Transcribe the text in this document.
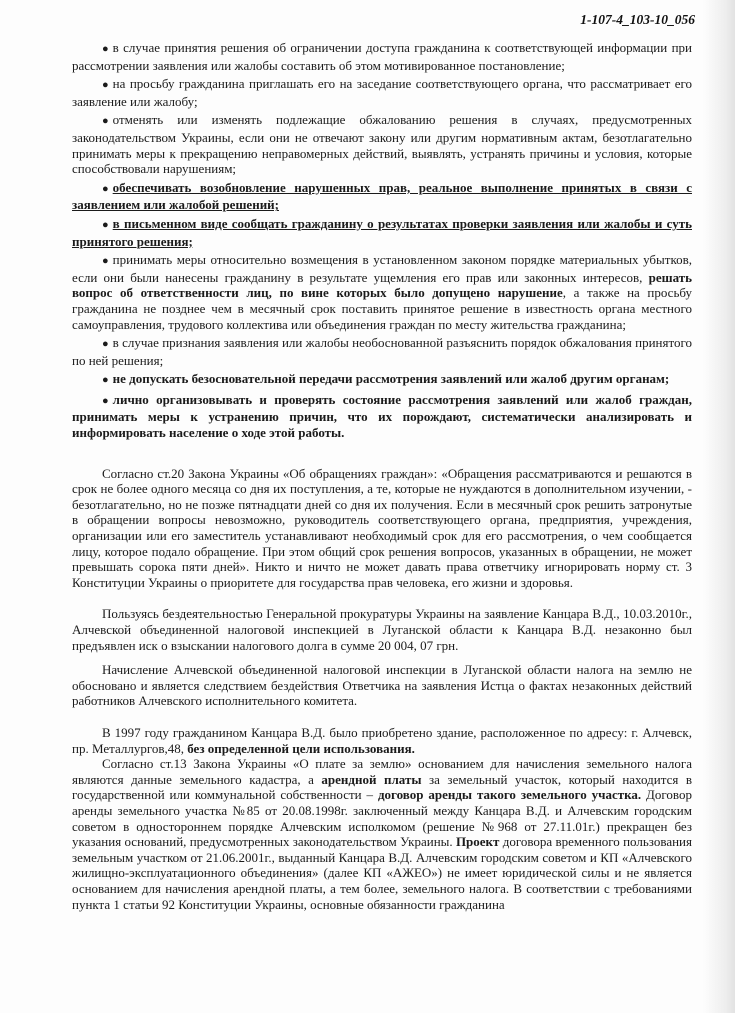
1-107-4_103-10_056

● в случае принятия решения об ограничении доступа гражданина к соответствующей информации при рассмотрении заявления или жалобы составить об этом мотивированное постановление;

● на просьбу гражданина приглашать его на заседание соответствующего органа, что рассматривает его заявление или жалобу;

● отменять или изменять подлежащие обжалованию решения в случаях, предусмотренных законодательством Украины, если они не отвечают закону или другим нормативным актам, безотлагательно принимать меры к прекращению неправомерных действий, выявлять, устранять причины и условия, которые способствовали нарушениям;

● обеспечивать возобновление нарушенных прав, реальное выполнение принятых в связи с заявлением или жалобой решений;

● в письменном виде сообщать гражданину о результатах проверки заявления или жалобы и суть принятого решения;

● принимать меры относительно возмещения в установленном законом порядке материальных убытков, если они были нанесены гражданину в результате ущемления его прав или законных интересов, решать вопрос об ответственности лиц, по вине которых было допущено нарушение, а также на просьбу гражданина не позднее чем в месячный срок поставить принятое решение в известность органа местного самоуправления, трудового коллектива или объединения граждан по месту жительства гражданина;

● в случае признания заявления или жалобы необоснованной разъяснить порядок обжалования принятого по ней решения;

● не допускать безосновательной передачи рассмотрения заявлений или жалоб другим органам;

● лично организовывать и проверять состояние рассмотрения заявлений или жалоб граждан, принимать меры к устранению причин, что их порождают, систематически анализировать и информировать население о ходе этой работы.

Согласно ст.20 Закона Украины «Об обращениях граждан»: «Обращения рассматриваются и решаются в срок не более одного месяца со дня их поступления, а те, которые не нуждаются в дополнительном изучении, - безотлагательно, но не позже пятнадцати дней со дня их получения. Если в месячный срок решить затронутые в обращении вопросы невозможно, руководитель соответствующего органа, предприятия, учреждения, организации или его заместитель устанавливают необходимый срок для его рассмотрения, о чем сообщается лицу, которое подало обращение. При этом общий срок решения вопросов, указанных в обращении, не может превышать сорока пяти дней». Никто и ничто не может давать права ответчику игнорировать норму ст. 3 Конституции Украины о приоритете для государства прав человека, его жизни и здоровья.

Пользуясь бездеятельностью Генеральной прокуратуры Украины на заявление Канцара В.Д., 10.03.2010г., Алчевской объединенной налоговой инспекцией в Луганской области к Канцара В.Д. незаконно был предъявлен иск о взыскании налогового долга в сумме 20 004, 07 грн.

Начисление Алчевской объединенной налоговой инспекции в Луганской области налога на землю не обосновано и является следствием бездействия Ответчика на заявления Истца о фактах незаконных действий работников Алчевского исполнительного комитета.

В 1997 году гражданином Канцара В.Д. было приобретено здание, расположенное по адресу: г. Алчевск, пр. Металлургов,48, без определенной цели использования.

Согласно ст.13 Закона Украины «О плате за землю» основанием для начисления земельного налога являются данные земельного кадастра, а арендной платы за земельный участок, который находится в государственной или коммунальной собственности – договор аренды такого земельного участка. Договор аренды земельного участка №85 от 20.08.1998г. заключенный между Канцара В.Д. и Алчевским городским советом в одностороннем порядке Алчевским исполкомом (решение №968 от 27.11.01г.) прекращен без указания оснований, предусмотренных законодательством Украины. Проект договора временного пользования земельным участком от 21.06.2001г., выданный Канцара В.Д. Алчевским городским советом и КП «Алчевского жилищно-эксплуатационного объединения» (далее КП «АЖЕО») не имеет юридической силы и не является основанием для начисления арендной платы, а тем более, земельного налога. В соответствии с требованиями пункта 1 статьи 92 Конституции Украины, основные обязанности гражданина
